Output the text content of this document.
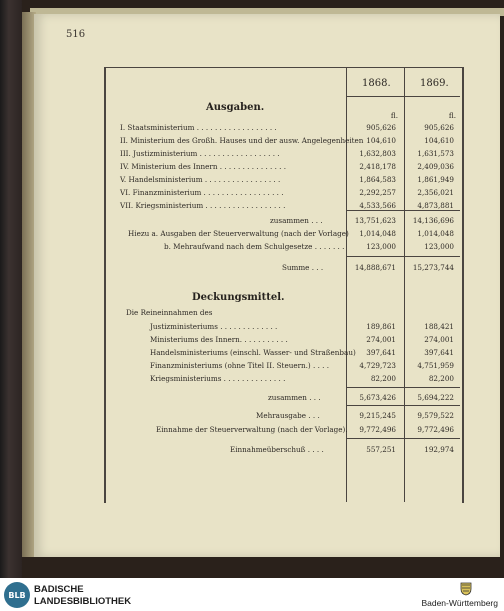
516
1868.	1869.
Ausgaben.
fl.	fl.
I. Staatsministerium . . . . . . . . . . . . . . . . . .	905,626	905,626
II. Ministerium des Großh. Hauses und der ausw. Angelegenheiten 104,610	104,610
III. Justizministerium . . . . . . . . . . . . . . . . . .	1,632,803	1,631,573
IV. Ministerium des Innern . . . . . . . . . . . . . . .	2,418,178	2,409,036
V. Handelsministerium . . . . . . . . . . . . . . . . .	1,864,583	1,861,949
VI. Finanzministerium . . . . . . . . . . . . . . . . . .	2,292,257	2,356,021
VII. Kriegsministerium . . . . . . . . . . . . . . . . . .	4,533,566	4,873,881
zusammen . . .	13,751,623	14,136,696
Hiezu a. Ausgaben der Steuerverwaltung (nach der Vorlage)	1,014,048	1,014,048
b. Mehraufwand nach dem Schulgesetze . . . . . . .	123,000	123,000
Summe . . .	14,888,671	15,273,744
Deckungsmittel.
Die Reineinnahmen des
Justizministeriums . . . . . . . . . . . . .	189,861	188,421
Ministeriums des Innern. . . . . . . . . . .	274,001	274,001
Handelsministeriums (einschl. Wasser- und Straßenbau)	397,641	397,641
Finanzministeriums (ohne Titel II. Steuern.) . . . .	4,729,723	4,751,959
Kriegsministeriums . . . . . . . . . . . . . .	82,200	82,200
zusammen . . .	5,673,426	5,694,222
Mehrausgabe . . .	9,215,245	9,579,522
Einnahme der Steuerverwaltung (nach der Vorlage).	9,772,496	9,772,496
Einnahmeüberschuß . . . .	557,251	192,974
BLB BADISCHE
LANDESBIBLIOTHEK	Baden-Württemberg
